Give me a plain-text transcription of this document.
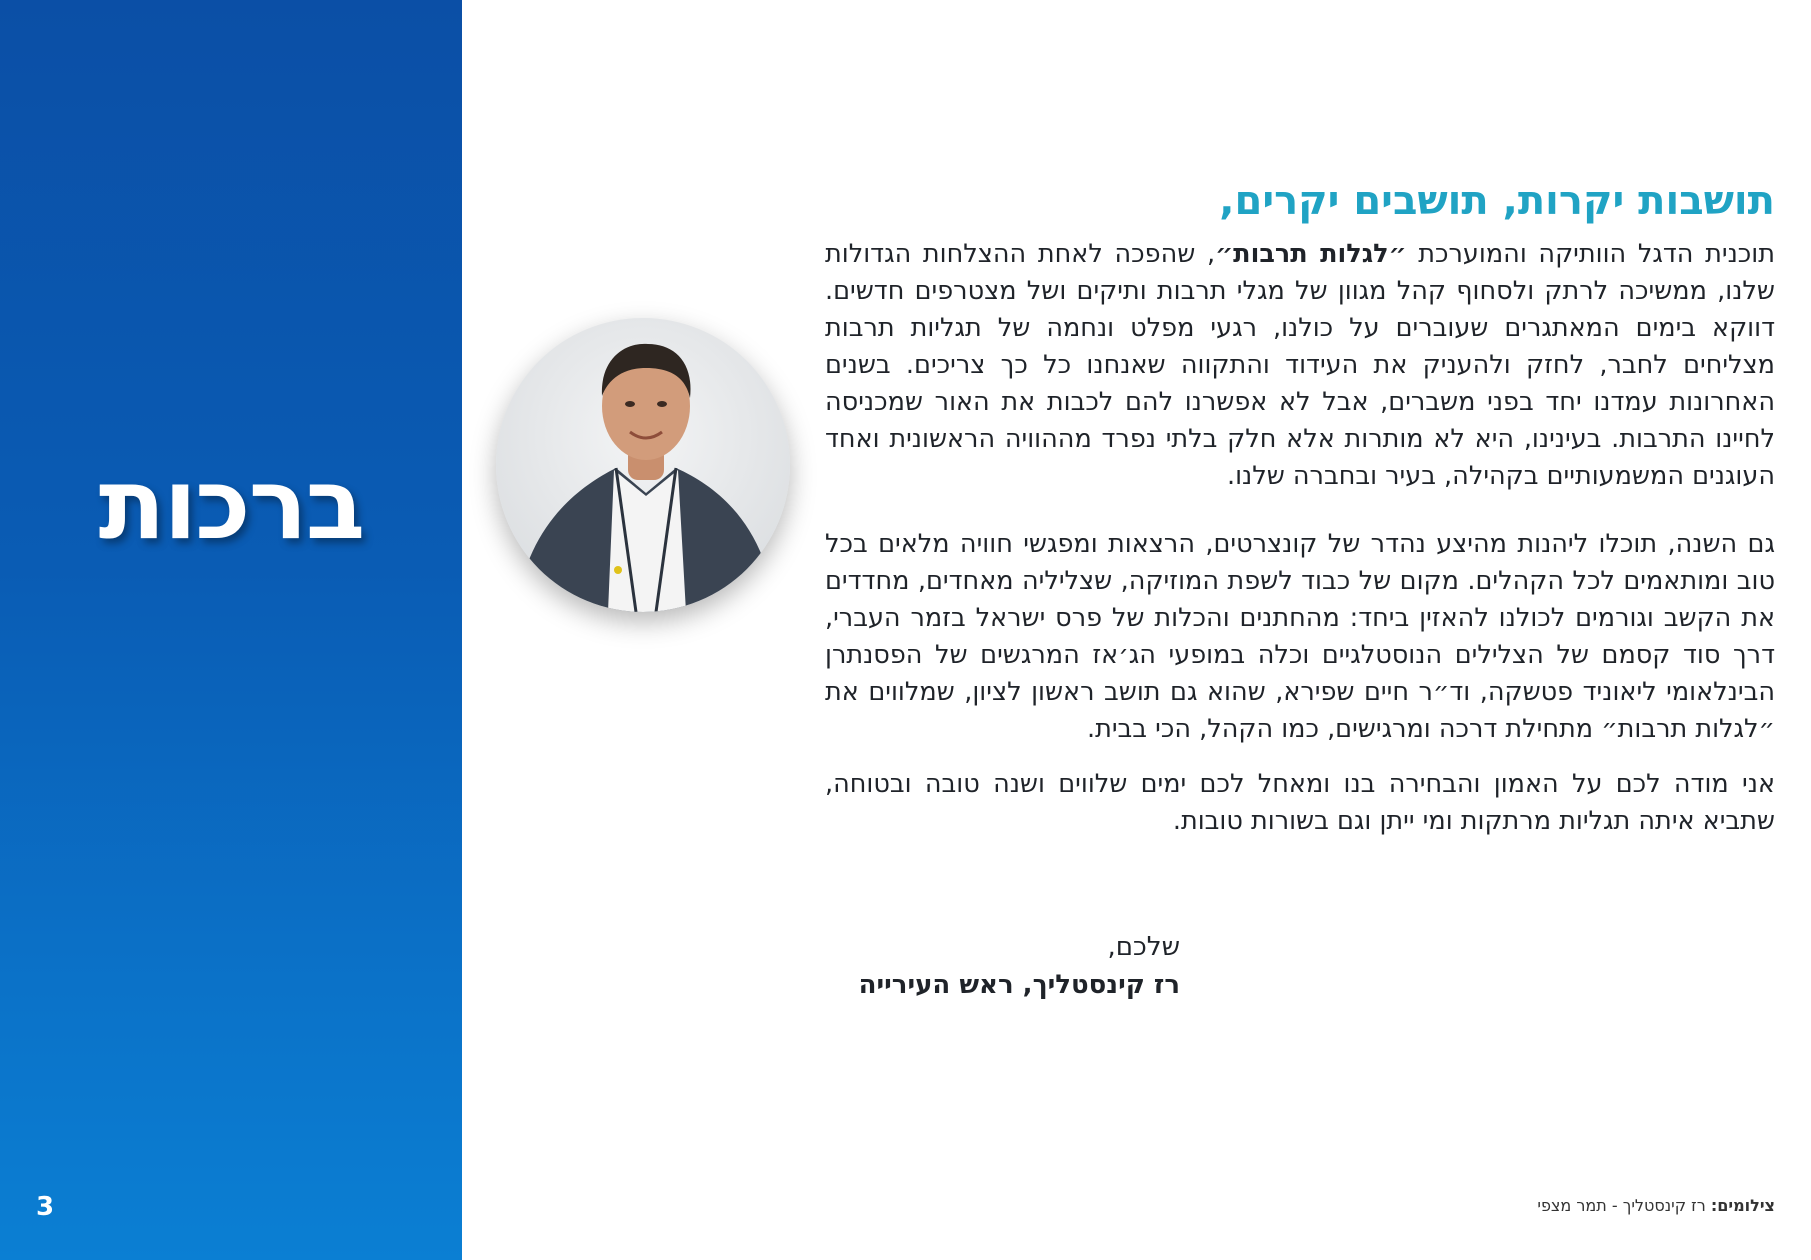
ברכות
3
תושבות יקרות, תושבים יקרים,
תוכנית הדגל הוותיקה והמוערכת ״לגלות תרבות״, שהפכה לאחת ההצלחות הגדולות שלנו, ממשיכה לרתק ולסחוף קהל מגוון של מגלי תרבות ותיקים ושל מצטרפים חדשים. דווקא בימים המאתגרים שעוברים על כולנו, רגעי מפלט ונחמה של תגליות תרבות מצליחים לחבר, לחזק ולהעניק את העידוד והתקווה שאנחנו כל כך צריכים. בשנים האחרונות עמדנו יחד בפני משברים, אבל לא אפשרנו להם לכבות את האור שמכניסה לחיינו התרבות. בעינינו, היא לא מותרות אלא חלק בלתי נפרד מההוויה הראשונית ואחד העוגנים המשמעותיים בקהילה, בעיר ובחברה שלנו.
גם השנה, תוכלו ליהנות מהיצע נהדר של קונצרטים, הרצאות ומפגשי חוויה מלאים בכל טוב ומותאמים לכל הקהלים. מקום של כבוד לשפת המוזיקה, שצליליה מאחדים, מחדדים את הקשב וגורמים לכולנו להאזין ביחד: מהחתנים והכלות של פרס ישראל בזמר העברי, דרך סוד קסמם של הצלילים הנוסטלגיים וכלה במופעי הג׳אז המרגשים של הפסנתרן הבינלאומי ליאוניד פטשקה, וד״ר חיים שפירא, שהוא גם תושב ראשון לציון, שמלווים את ״לגלות תרבות״ מתחילת דרכה ומרגישים, כמו הקהל, הכי בבית.
אני מודה לכם על האמון והבחירה בנו ומאחל לכם ימים שלווים ושנה טובה ובטוחה, שתביא איתה תגליות מרתקות ומי ייתן וגם בשורות טובות.
שלכם,
רז קינסטליך, ראש העירייה
צילומים: רז קינסטליך - תמר מצפי
